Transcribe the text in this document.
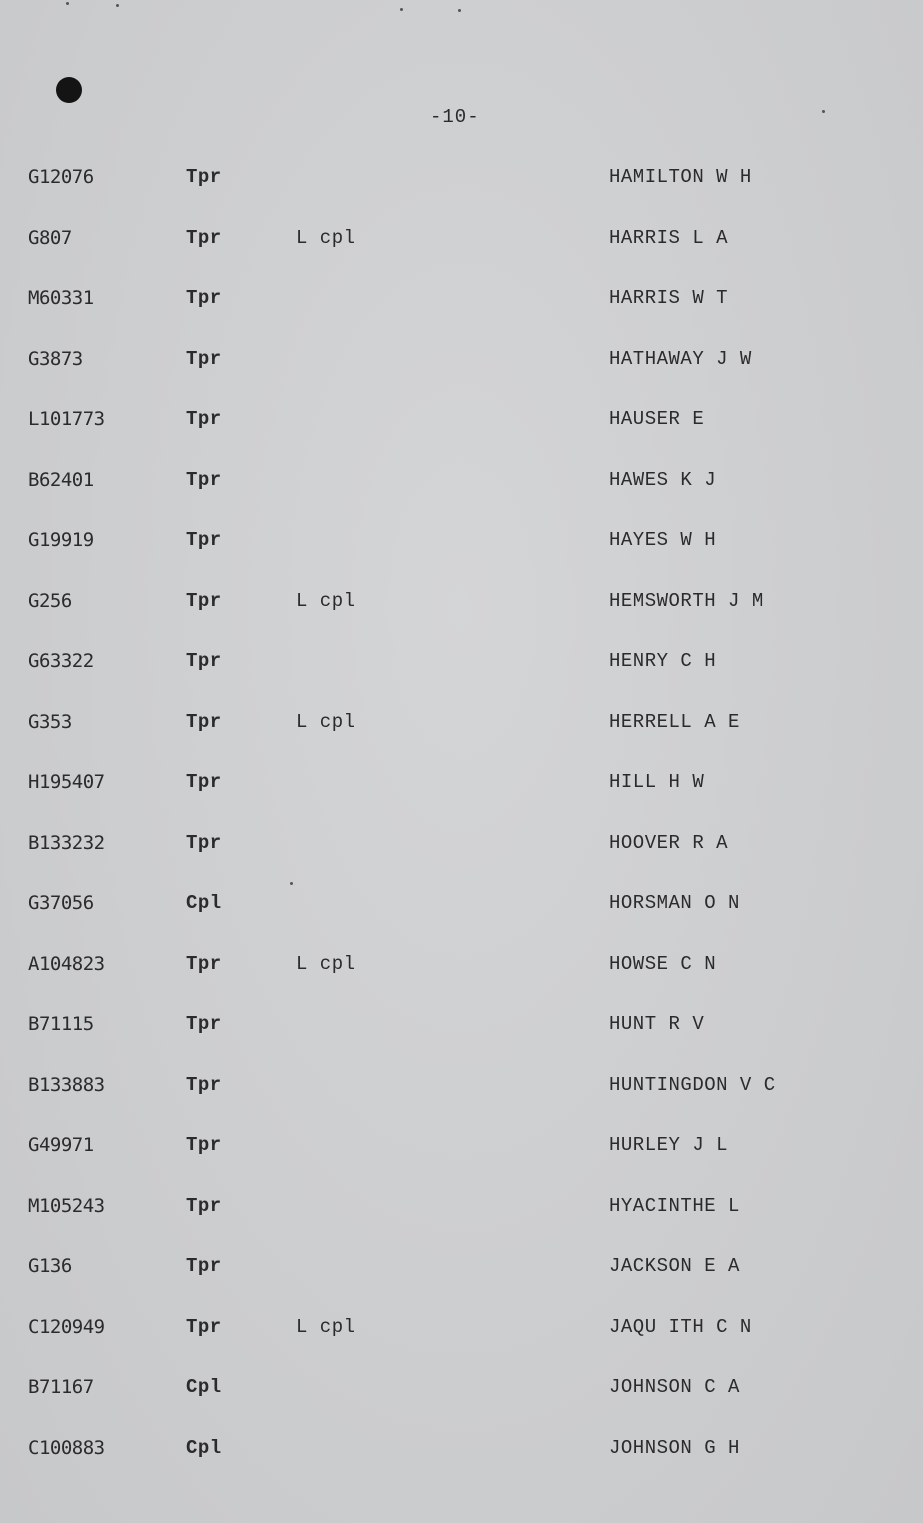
-10-
G12076	Tpr	HAMILTON W H
G807	Tpr	L cpl	HARRIS L A
M60331	Tpr	HARRIS W T
G3873	Tpr	HATHAWAY J W
L101773	Tpr	HAUSER E
B62401	Tpr	HAWES K J
G19919	Tpr	HAYES W H
G256	Tpr	L cpl	HEMSWORTH J M
G63322	Tpr	HENRY C H
G353	Tpr	L cpl	HERRELL A E
H195407	Tpr	HILL H W
B133232	Tpr	HOOVER R A
G37056	Cpl	HORSMAN O N
A104823	Tpr	L cpl	HOWSE C N
B71115	Tpr	HUNT R V
B133883	Tpr	HUNTINGDON V C
G49971	Tpr	HURLEY J L
M105243	Tpr	HYACINTHE L
G136	Tpr	JACKSON E A
C120949	Tpr	L cpl	JAQU ITH C N
B71167	Cpl	JOHNSON C A
C100883	Cpl	JOHNSON G H
